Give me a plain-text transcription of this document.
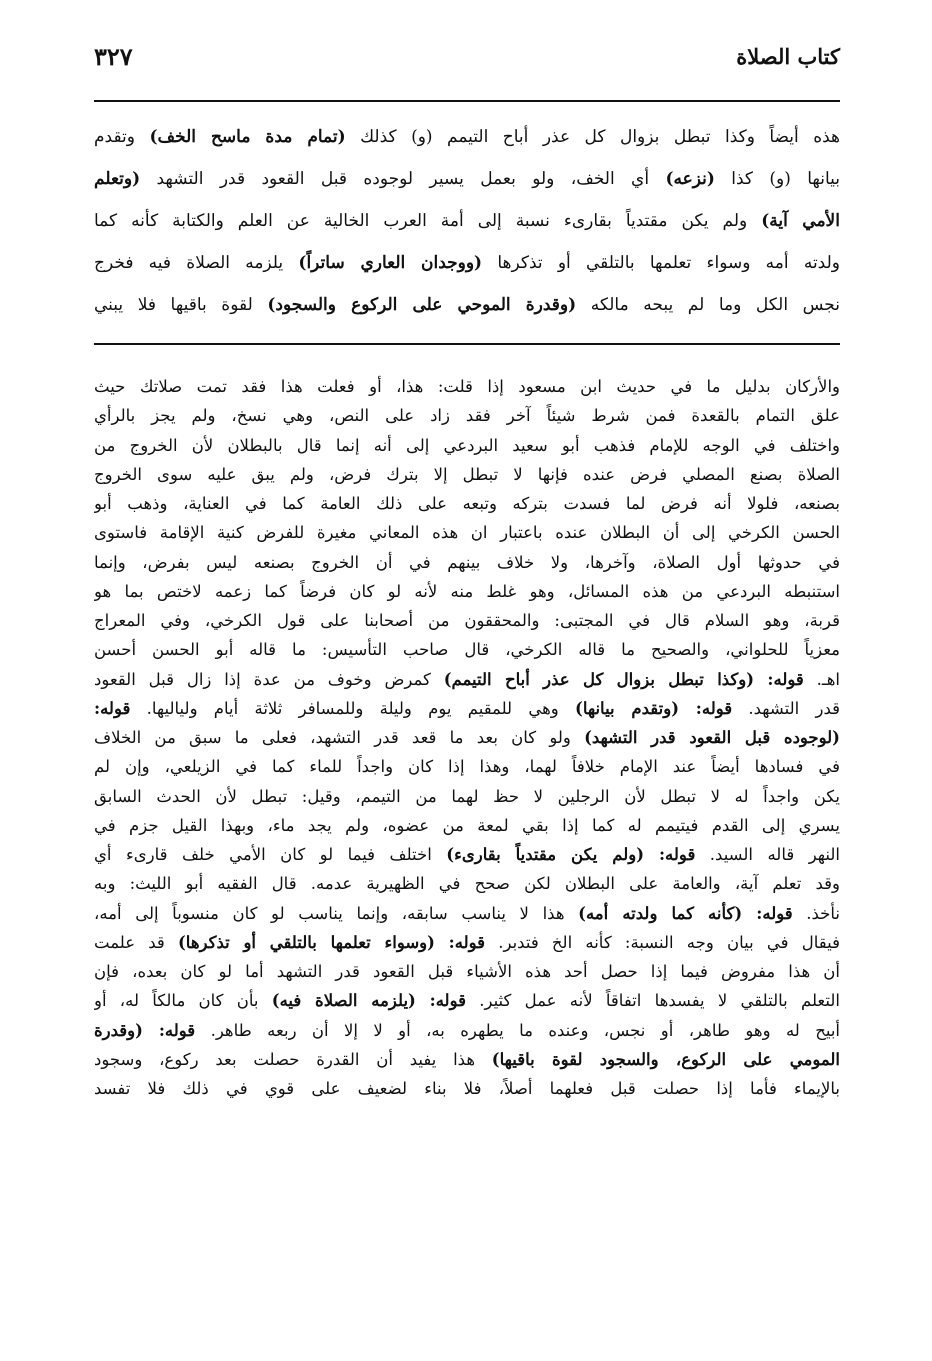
كتاب الصلاة
٣٢٧
هذه أيضاً وكذا تبطل بزوال كل عذر أباح التيمم (و) كذلك (تمام مدة ماسح الخف) وتقدم
بيانها (و) كذا (نزعه) أي الخف، ولو بعمل يسير لوجوده قبل القعود قدر التشهد (وتعلم
الأمي آية) ولم يكن مقتدياً بقارىء نسبة إلى أمة العرب الخالية عن العلم والكتابة كأنه كما
ولدته أمه وسواء تعلمها بالتلقي أو تذكرها (ووجدان العاري ساتراً) يلزمه الصلاة فيه فخرج
نجس الكل وما لم يبحه مالكه (وقدرة الموحي على الركوع والسجود) لقوة باقيها فلا يبني
والأركان بدليل ما في حديث ابن مسعود إذا قلت: هذا، أو فعلت هذا فقد تمت صلاتك حيث
علق التمام بالقعدة فمن شرط شيئاً آخر فقد زاد على النص، وهي نسخ، ولم يجز بالرأي
واختلف في الوجه للإمام فذهب أبو سعيد البردعي إلى أنه إنما قال بالبطلان لأن الخروج من
الصلاة بصنع المصلي فرض عنده فإنها لا تبطل إلا بترك فرض، ولم يبق عليه سوى الخروج
بصنعه، فلولا أنه فرض لما فسدت بتركه وتبعه على ذلك العامة كما في العناية، وذهب أبو
الحسن الكرخي إلى أن البطلان عنده باعتبار ان هذه المعاني مغيرة للفرض كنية الإقامة فاستوى
في حدوثها أول الصلاة، وآخرها، ولا خلاف بينهم في أن الخروج بصنعه ليس بفرض، وإنما
استنبطه البردعي من هذه المسائل، وهو غلط منه لأنه لو كان فرضاً كما زعمه لاختص بما هو
قربة، وهو السلام قال في المجتبى: والمحققون من أصحابنا على قول الكرخي، وفي المعراج
معزياً للحلواني، والصحيح ما قاله الكرخي، قال صاحب التأسيس: ما قاله أبو الحسن أحسن
اهـ. قوله: (وكذا تبطل بزوال كل عذر أباح التيمم) كمرض وخوف من عدة إذا زال قبل القعود
قدر التشهد. قوله: (وتقدم بيانها) وهي للمقيم يوم وليلة وللمسافر ثلاثة أيام ولياليها. قوله:
(لوجوده قبل القعود قدر التشهد) ولو كان بعد ما قعد قدر التشهد، فعلى ما سبق من الخلاف
في فسادها أيضاً عند الإمام خلافاً لهما، وهذا إذا كان واجداً للماء كما في الزيلعي، وإن لم
يكن واجداً له لا تبطل لأن الرجلين لا حظ لهما من التيمم، وقيل: تبطل لأن الحدث السابق
يسري إلى القدم فيتيمم له كما إذا بقي لمعة من عضوه، ولم يجد ماء، وبهذا القيل جزم في
النهر قاله السيد. قوله: (ولم يكن مقتدياً بقارىء) اختلف فيما لو كان الأمي خلف قارىء أي
وقد تعلم آية، والعامة على البطلان لكن صحح في الظهيرية عدمه. قال الفقيه أبو الليث: وبه
نأخذ. قوله: (كأنه كما ولدته أمه) هذا لا يناسب سابقه، وإنما يناسب لو كان منسوباً إلى أمه،
فيقال في بيان وجه النسبة: كأنه الخ فتدبر. قوله: (وسواء تعلمها بالتلقي أو تذكرها) قد علمت
أن هذا مفروض فيما إذا حصل أحد هذه الأشياء قبل القعود قدر التشهد أما لو كان بعده، فإن
التعلم بالتلقي لا يفسدها اتفاقاً لأنه عمل كثير. قوله: (يلزمه الصلاة فيه) بأن كان مالكاً له، أو
أبيح له وهو طاهر، أو نجس، وعنده ما يطهره به، أو لا إلا أن ربعه طاهر. قوله: (وقدرة
المومي على الركوع، والسجود لقوة باقيها) هذا يفيد أن القدرة حصلت بعد ركوع، وسجود
بالإيماء فأما إذا حصلت قبل فعلهما أصلاً، فلا بناء لضعيف على قوي في ذلك فلا تفسد
